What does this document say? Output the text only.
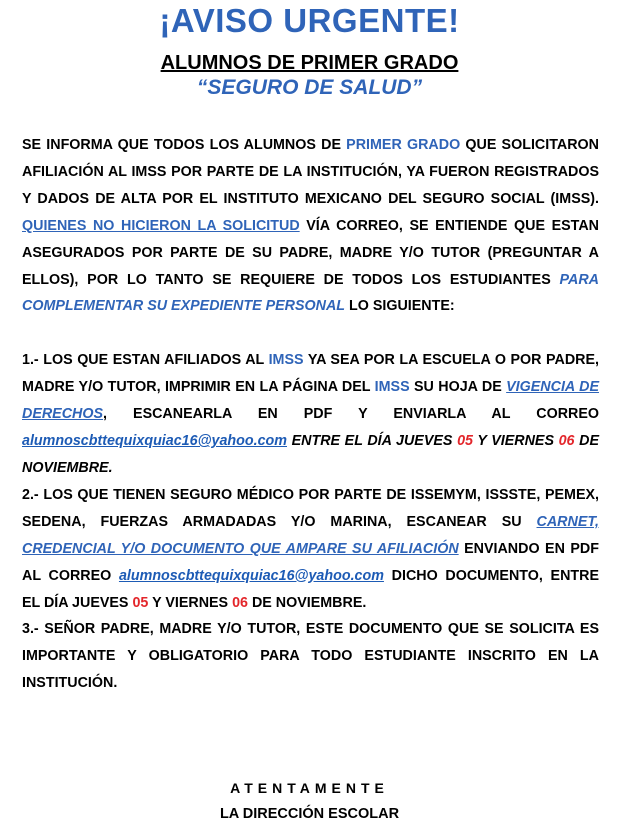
¡AVISO URGENTE!
ALUMNOS DE PRIMER GRADO
“SEGURO DE SALUD”

SE INFORMA QUE TODOS LOS ALUMNOS DE PRIMER GRADO QUE SOLICITARON AFILIACIÓN AL IMSS POR PARTE DE LA INSTITUCIÓN, YA FUERON REGISTRADOS Y DADOS DE ALTA POR EL INSTITUTO MEXICANO DEL SEGURO SOCIAL (IMSS). QUIENES NO HICIERON LA SOLICITUD VÍA CORREO, SE ENTIENDE QUE ESTAN ASEGURADOS POR PARTE DE SU PADRE, MADRE Y/O TUTOR (PREGUNTAR A ELLOS), POR LO TANTO SE REQUIERE DE TODOS LOS ESTUDIANTES PARA COMPLEMENTAR SU EXPEDIENTE PERSONAL LO SIGUIENTE:

1.- LOS QUE ESTAN AFILIADOS AL IMSS YA SEA POR LA ESCUELA O POR PADRE, MADRE Y/O TUTOR, IMPRIMIR EN LA PÁGINA DEL IMSS SU HOJA DE VIGENCIA DE DERECHOS, ESCANEARLA EN PDF Y ENVIARLA AL CORREO alumnoscbttequixquiac16@yahoo.com ENTRE EL DÍA JUEVES 05 Y VIERNES 06 DE NOVIEMBRE.

2.- LOS QUE TIENEN SEGURO MÉDICO POR PARTE DE ISSEMYM, ISSSTE, PEMEX, SEDENA, FUERZAS ARMADADAS Y/O MARINA, ESCANEAR SU CARNET, CREDENCIAL Y/O DOCUMENTO QUE AMPARE SU AFILIACIÓN ENVIANDO EN PDF AL CORREO alumnoscbttequixquiac16@yahoo.com DICHO DOCUMENTO, ENTRE EL DÍA JUEVES 05 Y VIERNES 06 DE NOVIEMBRE.

3.- SEÑOR PADRE, MADRE Y/O TUTOR, ESTE DOCUMENTO QUE SE SOLICITA ES IMPORTANTE Y OBLIGATORIO PARA TODO ESTUDIANTE INSCRITO EN LA INSTITUCIÓN.

ATENTAMENTE
LA DIRECCIÓN ESCOLAR
